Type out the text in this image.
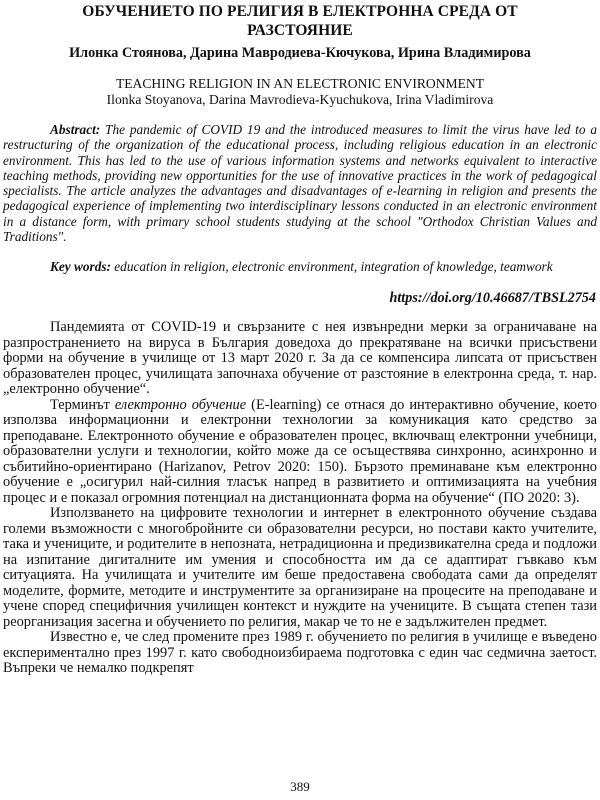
ОБУЧЕНИЕТО ПО РЕЛИГИЯ В ЕЛЕКТРОННА СРЕДА ОТ РАЗСТОЯНИЕ
Илонка Стоянова, Дарина Мавродиева-Кючукова, Ирина Владимирова
TEACHING RELIGION IN AN ELECTRONIC ENVIRONMENT
Ilonka Stoyanova, Darina Mavrodieva-Kyuchukova, Irina Vladimirova

Abstract: The pandemic of COVID 19 and the introduced measures to limit the virus have led to a restructuring of the organization of the educational process, including religious education in an electronic environment. This has led to the use of various information systems and networks equivalent to interactive teaching methods, providing new opportunities for the use of innovative practices in the work of pedagogical specialists. The article analyzes the advantages and disadvantages of e-learning in religion and presents the pedagogical experience of implementing two interdisciplinary lessons conducted in an electronic environment in a distance form, with primary school students studying at the school "Orthodox Christian Values and Traditions".

Key words: education in religion, electronic environment, integration of knowledge, teamwork

https://doi.org/10.46687/TBSL2754

Пандемията от COVID-19 и свързаните с нея извънредни мерки за ограничаване на разпространението на вируса в България доведоха до прекратяване на всички присъствени форми на обучение в училище от 13 март 2020 г. За да се компенсира липсата от присъствен образователен процес, училищата започнаха обучение от разстояние в електронна среда, т. нар. „електронно обучение“.

Терминът електронно обучение (E-learning) се отнася до интерактивно обучение, което използва информационни и електронни технологии за комуникация като средство за преподаване. Електронното обучение е образователен процес, включващ електронни учебници, образователни услуги и технологии, който може да се осъществява синхронно, асинхронно и събитийно-ориентирано (Harizanov, Petrov 2020: 150). Бързото преминаване към електронно обучение е „осигурил най-силния тласък напред в развитието и оптимизацията на учебния процес и е показал огромния потенциал на дистанционната форма на обучение“ (ПО 2020: 3).

Използването на цифровите технологии и интернет в електронното обучение създава големи възможности с многобройните си образователни ресурси, но постави както учителите, така и учениците, и родителите в непозната, нетрадиционна и предизвикателна среда и подложи на изпитание дигиталните им умения и способността им да се адаптират гъвкаво към ситуацията. На училищата и учителите им беше предоставена свободата сами да определят моделите, формите, методите и инструментите за организиране на процесите на преподаване и учене според специфичния училищен контекст и нуждите на учениците. В същата степен тази реорганизация засегна и обучението по религия, макар че то не е задължителен предмет.

Известно е, че след промените през 1989 г. обучението по религия в училище е въведено експериментално през 1997 г. като свободноизбираема подготовка с един час седмична заетост. Въпреки че немалко подкрепят

389
